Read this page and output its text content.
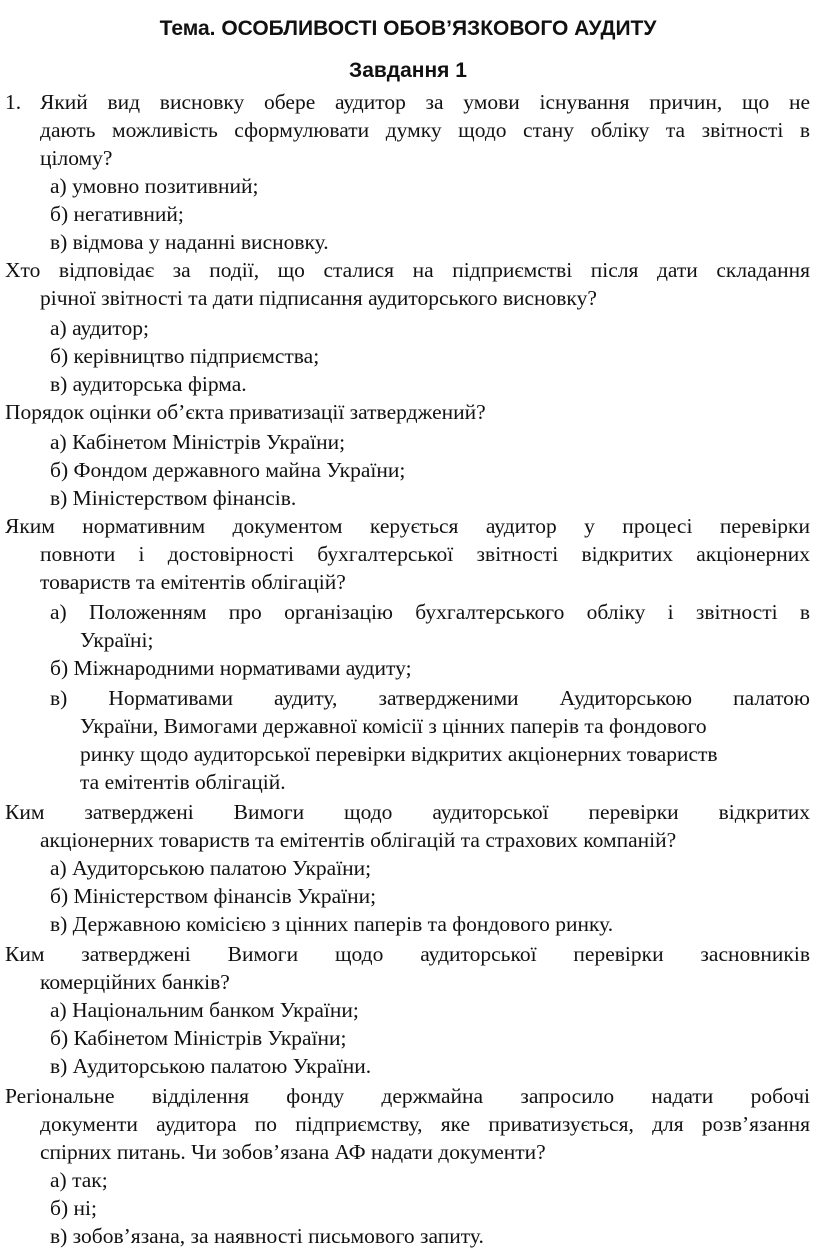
Тема. ОСОБЛИВОСТІ ОБОВ’ЯЗКОВОГО АУДИТУ
Завдання 1
1. Який вид висновку обере аудитор за умови існування причин, що не
дають можливість сформулювати думку щодо стану обліку та звітності в
цілому?
а) умовно позитивний;
б) негативний;
в) відмова у наданні висновку.
Хто відповідає за події, що сталися на підприємстві після дати складання
річної звітності та дати підписання аудиторського висновку?
а) аудитор;
б) керівництво підприємства;
в) аудиторська фірма.
Порядок оцінки об’єкта приватизації затверджений?
а) Кабінетом Міністрів України;
б) Фондом державного майна України;
в) Міністерством фінансів.
Яким нормативним документом керується аудитор у процесі перевірки
повноти і достовірності бухгалтерської звітності відкритих акціонерних
товариств та емітентів облігацій?
а) Положенням про організацію бухгалтерського обліку і звітності в
Україні;
б) Міжнародними нормативами аудиту;
в) Нормативами аудиту, затвердженими Аудиторською палатою
України, Вимогами державної комісії з цінних паперів та фондового
ринку щодо аудиторської перевірки відкритих акціонерних товариств
та емітентів облігацій.
Ким затверджені Вимоги щодо аудиторської перевірки відкритих
акціонерних товариств та емітентів облігацій та страхових компаній?
а) Аудиторською палатою України;
б) Міністерством фінансів України;
в) Державною комісією з цінних паперів та фондового ринку.
Ким затверджені Вимоги щодо аудиторської перевірки засновників
комерційних банків?
а) Національним банком України;
б) Кабінетом Міністрів України;
в) Аудиторською палатою України.
Регіональне відділення фонду держмайна запросило надати робочі
документи аудитора по підприємству, яке приватизується, для розв’язання
спірних питань. Чи зобов’язана АФ надати документи?
а) так;
б) ні;
в) зобов’язана, за наявності письмового запиту.
